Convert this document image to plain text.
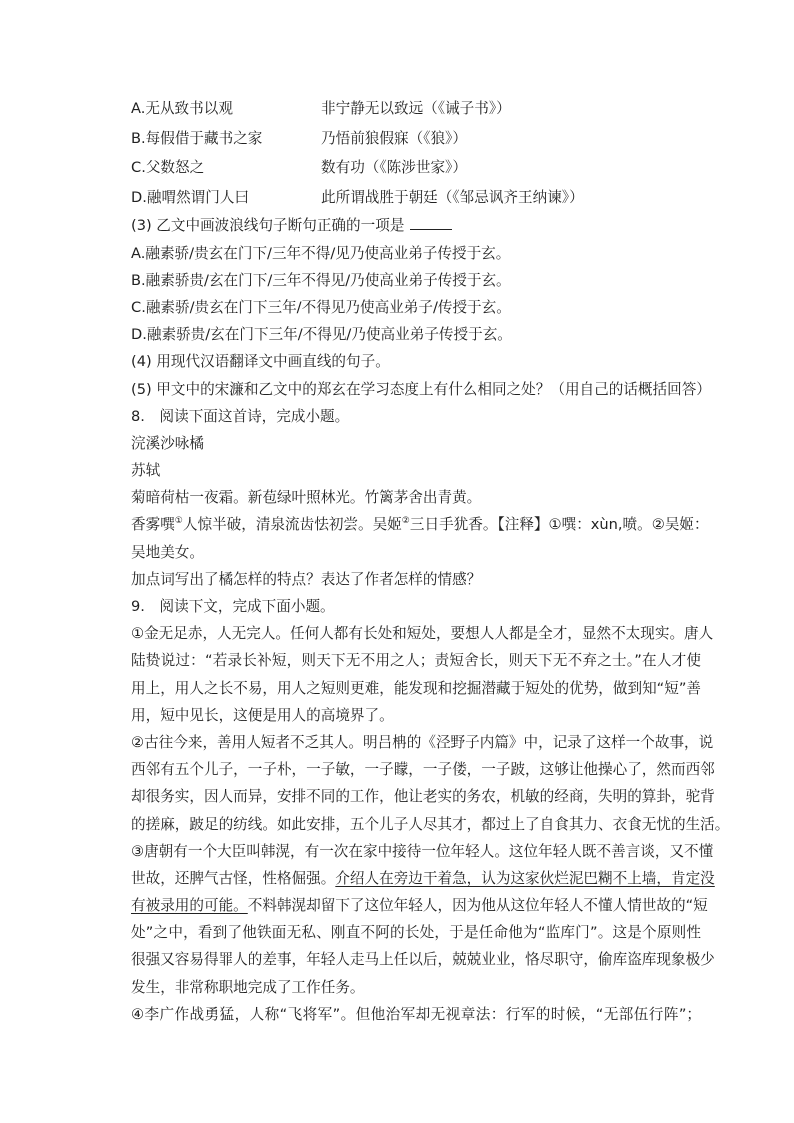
A.无从致书以观	非宁静无以致远（《诫子书》）
B.每假借于藏书之家	乃悟前狼假寐（《狼》）
C.父数怒之	数有功（《陈涉世家》）
D.融喟然谓门人曰	此所谓战胜于朝廷（《邹忌讽齐王纳谏》）
(3) 乙文中画波浪线句子断句正确的一项是
A.融素骄/贵玄在门下/三年不得/见乃使高业弟子传授于玄。
B.融素骄贵/玄在门下/三年不得见/乃使高业弟子传授于玄。
C.融素骄/贵玄在门下三年/不得见乃使高业弟子/传授于玄。
D.融素骄贵/玄在门下三年/不得见/乃使高业弟子传授于玄。
(4) 用现代汉语翻译文中画直线的句子。
(5) 甲文中的宋濂和乙文中的郑玄在学习态度上有什么相同之处？（用自己的话概括回答）
8.　阅读下面这首诗，完成小题。
浣溪沙咏橘
苏轼
菊暗荷枯一夜霜。新苞绿叶照林光。竹篱茅舍出青黄。
香雾噀①人惊半破，清泉流齿怯初尝。吴姬②三日手犹香。【注释】①噀：xùn,喷。②吴姬：
吴地美女。
加点词写出了橘怎样的特点？表达了作者怎样的情感？
9.　阅读下文，完成下面小题。
①金无足赤，人无完人。任何人都有长处和短处，要想人人都是全才，显然不太现实。唐人
陆贽说过：“若录长补短，则天下无不用之人；责短舍长，则天下无不弃之士。”在人才使
用上，用人之长不易，用人之短则更难，能发现和挖掘潜藏于短处的优势，做到知“短”善
用，短中见长，这便是用人的高境界了。
②古往今来，善用人短者不乏其人。明吕柟的《泾野子内篇》中，记录了这样一个故事，说
西邻有五个儿子，一子朴，一子敏，一子矇，一子偻，一子跛，这够让他操心了，然而西邻
却很务实，因人而异，安排不同的工作，他让老实的务农，机敏的经商，失明的算卦，驼背
的搓麻，跛足的纺线。如此安排，五个儿子人尽其才，都过上了自食其力、衣食无忧的生活。
③唐朝有一个大臣叫韩滉，有一次在家中接待一位年轻人。这位年轻人既不善言谈，又不懂
世故，还脾气古怪，性格倔强。介绍人在旁边干着急，认为这家伙烂泥巴糊不上墙，肯定没
有被录用的可能。不料韩滉却留下了这位年轻人，因为他从这位年轻人不懂人情世故的“短
处”之中，看到了他铁面无私、刚直不阿的长处，于是任命他为“监库门”。这是个原则性
很强又容易得罪人的差事，年轻人走马上任以后，兢兢业业，恪尽职守，偷库盗库现象极少
发生，非常称职地完成了工作任务。
④李广作战勇猛，人称“飞将军”。但他治军却无视章法：行军的时候，“无部伍行阵”；
